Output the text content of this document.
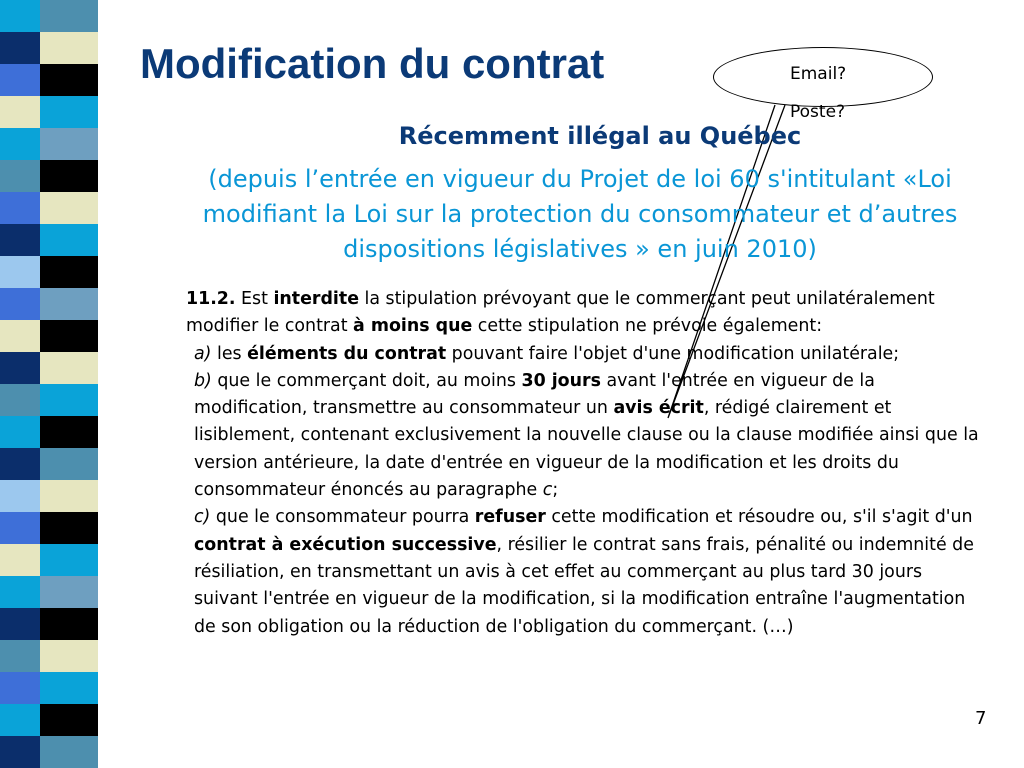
Modification du contrat	Email?
Poste?

Récemment illégal au Québec

(depuis l’entrée en vigueur du Projet de loi 60 s'intitulant «Loi modifiant la Loi sur la protection du consommateur et d’autres dispositions législatives » en juin 2010)

11.2. Est interdite la stipulation prévoyant que le commerçant peut unilatéralement modifier le contrat à moins que cette stipulation ne prévoie également:

a) les éléments du contrat pouvant faire l'objet d'une modification unilatérale;

b) que le commerçant doit, au moins 30 jours avant l'entrée en vigueur de la modification, transmettre au consommateur un avis écrit, rédigé clairement et lisiblement, contenant exclusivement la nouvelle clause ou la clause modifiée ainsi que la version antérieure, la date d'entrée en vigueur de la modification et les droits du consommateur énoncés au paragraphe c;

c) que le consommateur pourra refuser cette modification et résoudre ou, s'il s'agit d'un contrat à exécution successive, résilier le contrat sans frais, pénalité ou indemnité de résiliation, en transmettant un avis à cet effet au commerçant au plus tard 30 jours suivant l'entrée en vigueur de la modification, si la modification entraîne l'augmentation de son obligation ou la réduction de l'obligation du commerçant. (…)

7
